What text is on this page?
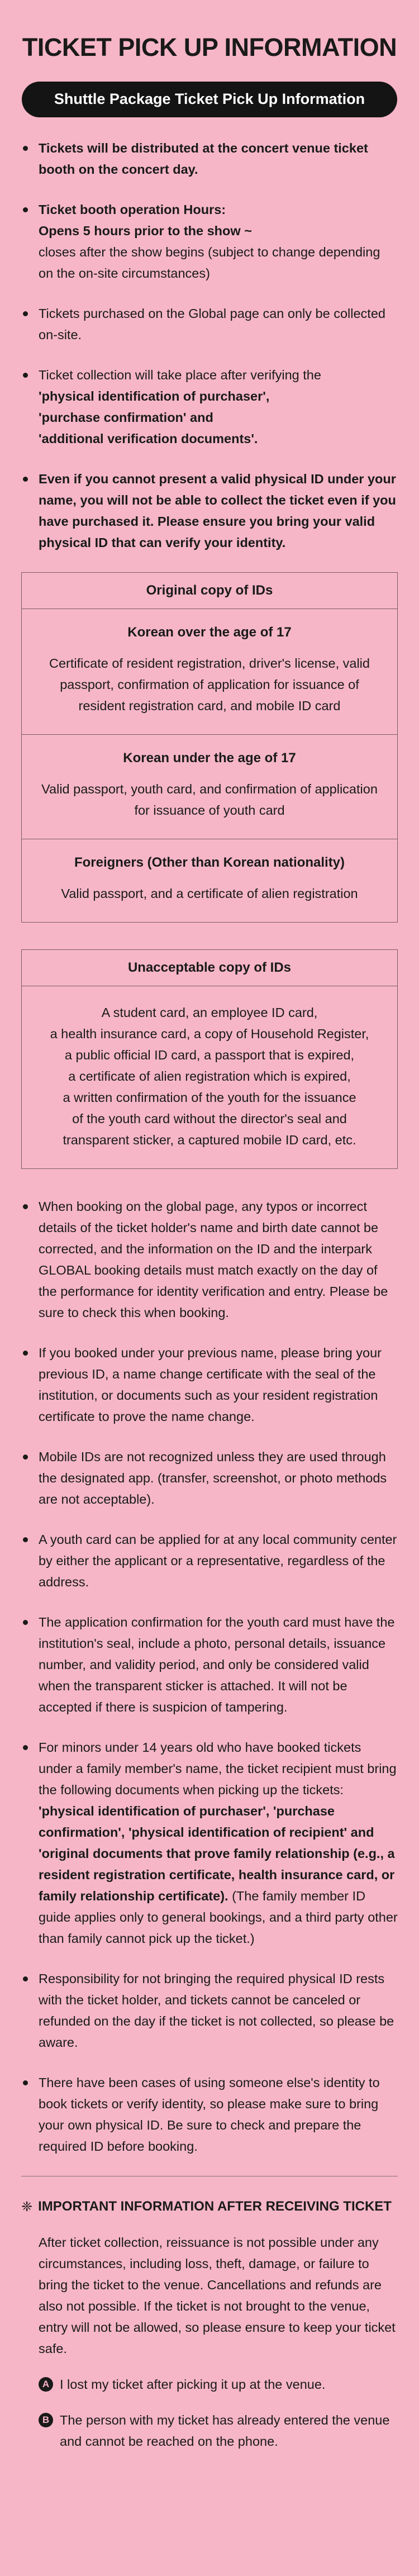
TICKET PICK UP INFORMATION
Shuttle Package Ticket Pick Up Information
Tickets will be distributed at the concert venue ticket booth on the concert day.
Ticket booth operation Hours:
Opens 5 hours prior to the show ~
closes after the show begins (subject to change depending on the on-site circumstances)
Tickets purchased on the Global page can only be collected on-site.
Ticket collection will take place after verifying the
'physical identification of purchaser',
'purchase confirmation' and
'additional verification documents'.
Even if you cannot present a valid physical ID under your name, you will not be able to collect the ticket even if you have purchased it. Please ensure you bring your valid physical ID that can verify your identity.
Original copy of IDs
Korean over the age of 17
Certificate of resident registration, driver's license, valid passport, confirmation of application for issuance of resident registration card, and mobile ID card
Korean under the age of 17
Valid passport, youth card, and confirmation of application for issuance of youth card
Foreigners (Other than Korean nationality)
Valid passport, and a certificate of alien registration
Unacceptable copy of IDs
A student card, an employee ID card,
a health insurance card, a copy of Household Register,
a public official ID card, a passport that is expired,
a certificate of alien registration which is expired,
a written confirmation of the youth for the issuance
of the youth card without the director's seal and
transparent sticker, a captured mobile ID card, etc.
When booking on the global page, any typos or incorrect details of the ticket holder's name and birth date cannot be corrected, and the information on the ID and the interpark GLOBAL booking details must match exactly on the day of the performance for identity verification and entry. Please be sure to check this when booking.
If you booked under your previous name, please bring your previous ID, a name change certificate with the seal of the institution, or documents such as your resident registration certificate to prove the name change.
Mobile IDs are not recognized unless they are used through the designated app. (transfer, screenshot, or photo methods are not acceptable).
A youth card can be applied for at any local community center by either the applicant or a representative, regardless of the address.
The application confirmation for the youth card must have the institution's seal, include a photo, personal details, issuance number, and validity period, and only be considered valid when the transparent sticker is attached. It will not be accepted if there is suspicion of tampering.
For minors under 14 years old who have booked tickets under a family member's name, the ticket recipient must bring the following documents when picking up the tickets: 'physical identification of purchaser', 'purchase confirmation', 'physical identification of recipient' and 'original documents that prove family relationship (e.g., a resident registration certificate, health insurance card, or family relationship certificate). (The family member ID guide applies only to general bookings, and a third party other than family cannot pick up the ticket.)
Responsibility for not bringing the required physical ID rests with the ticket holder, and tickets cannot be canceled or refunded on the day if the ticket is not collected, so please be aware.
There have been cases of using someone else's identity to book tickets or verify identity, so please make sure to bring your own physical ID. Be sure to check and prepare the required ID before booking.
❈ IMPORTANT INFORMATION AFTER RECEIVING TICKET
After ticket collection, reissuance is not possible under any circumstances, including loss, theft, damage, or failure to bring the ticket to the venue. Cancellations and refunds are also not possible. If the ticket is not brought to the venue, entry will not be allowed, so please ensure to keep your ticket safe.
A I lost my ticket after picking it up at the venue.
B The person with my ticket has already entered the venue and cannot be reached on the phone.
